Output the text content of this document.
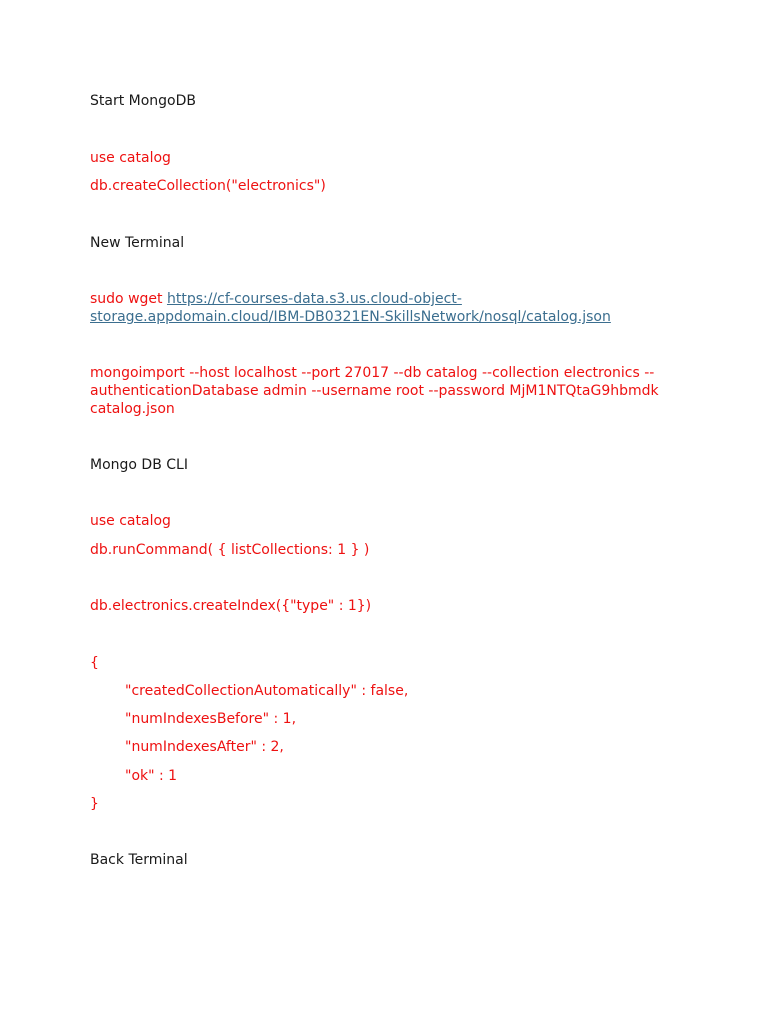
Start MongoDB

use catalog

db.createCollection("electronics")

New Terminal

sudo wget https://cf-courses-data.s3.us.cloud-object-storage.appdomain.cloud/IBM-DB0321EN-SkillsNetwork/nosql/catalog.json

mongoimport --host localhost --port 27017 --db catalog --collection electronics --authenticationDatabase admin --username root --password MjM1NTQtaG9hbmdk catalog.json

Mongo DB CLI

use catalog

db.runCommand( { listCollections: 1 } )

db.electronics.createIndex({"type" : 1})

{

"createdCollectionAutomatically" : false,

"numIndexesBefore" : 1,

"numIndexesAfter" : 2,

"ok" : 1

}

Back Terminal
